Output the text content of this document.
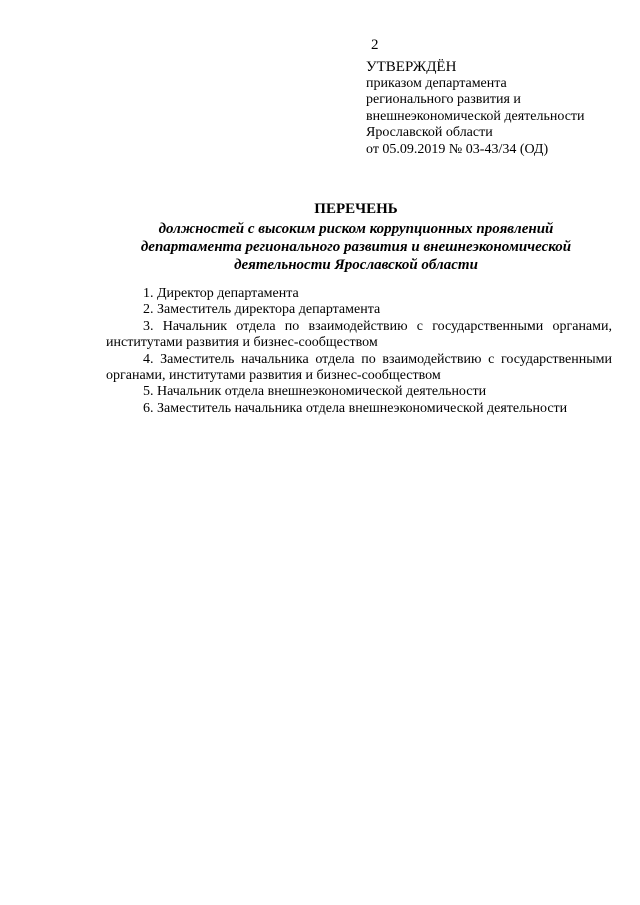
2
УТВЕРЖДЁН
приказом департамента
регионального развития и
внешнеэкономической деятельности
Ярославской области
от 05.09.2019 № 03-43/34 (ОД)
ПЕРЕЧЕНЬ
должностей с высоким риском коррупционных проявлений
департамента регионального развития и внешнеэкономической
деятельности Ярославской области
1. Директор департамента
2. Заместитель директора департамента
3. Начальник отдела по взаимодействию с государственными органами, институтами развития и бизнес-сообществом
4. Заместитель начальника отдела по взаимодействию с государственными органами, институтами развития и бизнес-сообществом
5. Начальник отдела внешнеэкономической деятельности
6. Заместитель начальника отдела внешнеэкономической деятельности
